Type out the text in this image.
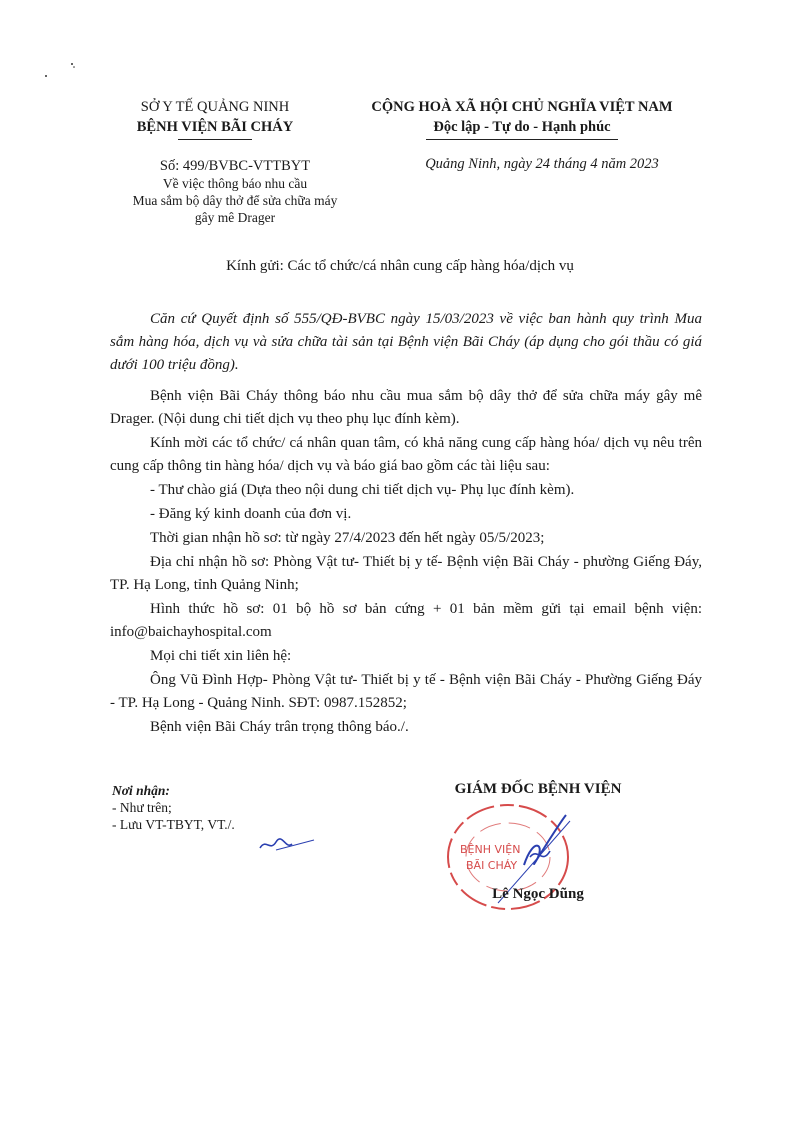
SỞ Y TẾ QUẢNG NINH
BỆNH VIỆN BÃI CHÁY
CỘNG HOÀ XÃ HỘI CHỦ NGHĨA VIỆT NAM
Độc lập - Tự do - Hạnh phúc
Số: 499/BVBC-VTTBYT
Về việc thông báo nhu cầu
Mua sắm bộ dây thở để sửa chữa máy
gây mê Drager
Quảng Ninh, ngày 24 tháng 4 năm 2023
Kính gửi: Các tổ chức/cá nhân cung cấp hàng hóa/dịch vụ

Căn cứ Quyết định số 555/QĐ-BVBC ngày 15/03/2023 về việc ban hành quy trình Mua sắm hàng hóa, dịch vụ và sửa chữa tài sản tại Bệnh viện Bãi Cháy (áp dụng cho gói thầu có giá dưới 100 triệu đồng).

Bệnh viện Bãi Cháy thông báo nhu cầu mua sắm bộ dây thở để sửa chữa máy gây mê Drager. (Nội dung chi tiết dịch vụ theo phụ lục đính kèm).

Kính mời các tổ chức/ cá nhân quan tâm, có khả năng cung cấp hàng hóa/ dịch vụ nêu trên cung cấp thông tin hàng hóa/ dịch vụ và báo giá bao gồm các tài liệu sau:

- Thư chào giá (Dựa theo nội dung chi tiết dịch vụ- Phụ lục đính kèm).

- Đăng ký kinh doanh của đơn vị.

Thời gian nhận hồ sơ: từ ngày 27/4/2023 đến hết ngày 05/5/2023;

Địa chỉ nhận hồ sơ: Phòng Vật tư- Thiết bị y tế- Bệnh viện Bãi Cháy - phường Giếng Đáy, TP. Hạ Long, tỉnh Quảng Ninh;

Hình thức hồ sơ: 01 bộ hồ sơ bản cứng + 01 bản mềm gửi tại email bệnh viện: info@baichayhospital.com

Mọi chi tiết xin liên hệ:

Ông Vũ Đình Hợp- Phòng Vật tư- Thiết bị y tế - Bệnh viện Bãi Cháy - Phường Giếng Đáy - TP. Hạ Long - Quảng Ninh. SĐT: 0987.152852;

Bệnh viện Bãi Cháy trân trọng thông báo./.

Nơi nhận:
- Như trên;
- Lưu VT-TBYT, VT./.
GIÁM ĐỐC BỆNH VIỆN
BỆNH VIỆN
BÃI CHÁY
Lê Ngọc Dũng
